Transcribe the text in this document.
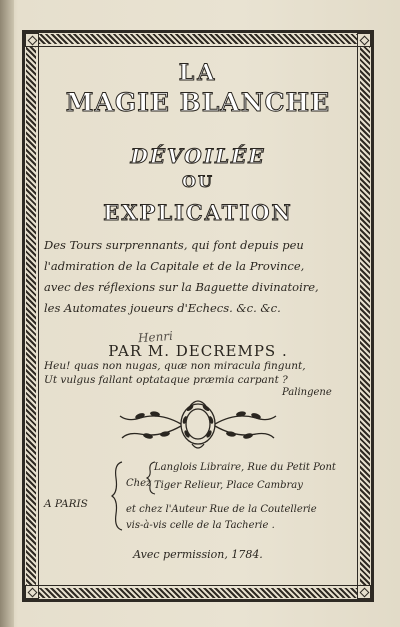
LA
MAGIE BLANCHE
DÉVOILÉE
OU
EXPLICATION
Des Tours surprennants, qui font depuis peu
l'admiration de la Capitale et de la Province,
avec des réflexions sur la Baguette divinatoire,
les Automates joueurs d'Echecs. &c. &c.
Henri
PAR M. DECREMPS .
Heu! quas non nugas, quæ non miracula fingunt,
Ut vulgus fallant optataque præmia carpant ?
Palingene
A PARIS
Chez
Langlois Libraire, Rue du Petit Pont
Tiger Relieur, Place Cambray
et chez l'Auteur Rue de la Coutellerie
vis-à-vis celle de la Tacherie .
Avec permission, 1784.
